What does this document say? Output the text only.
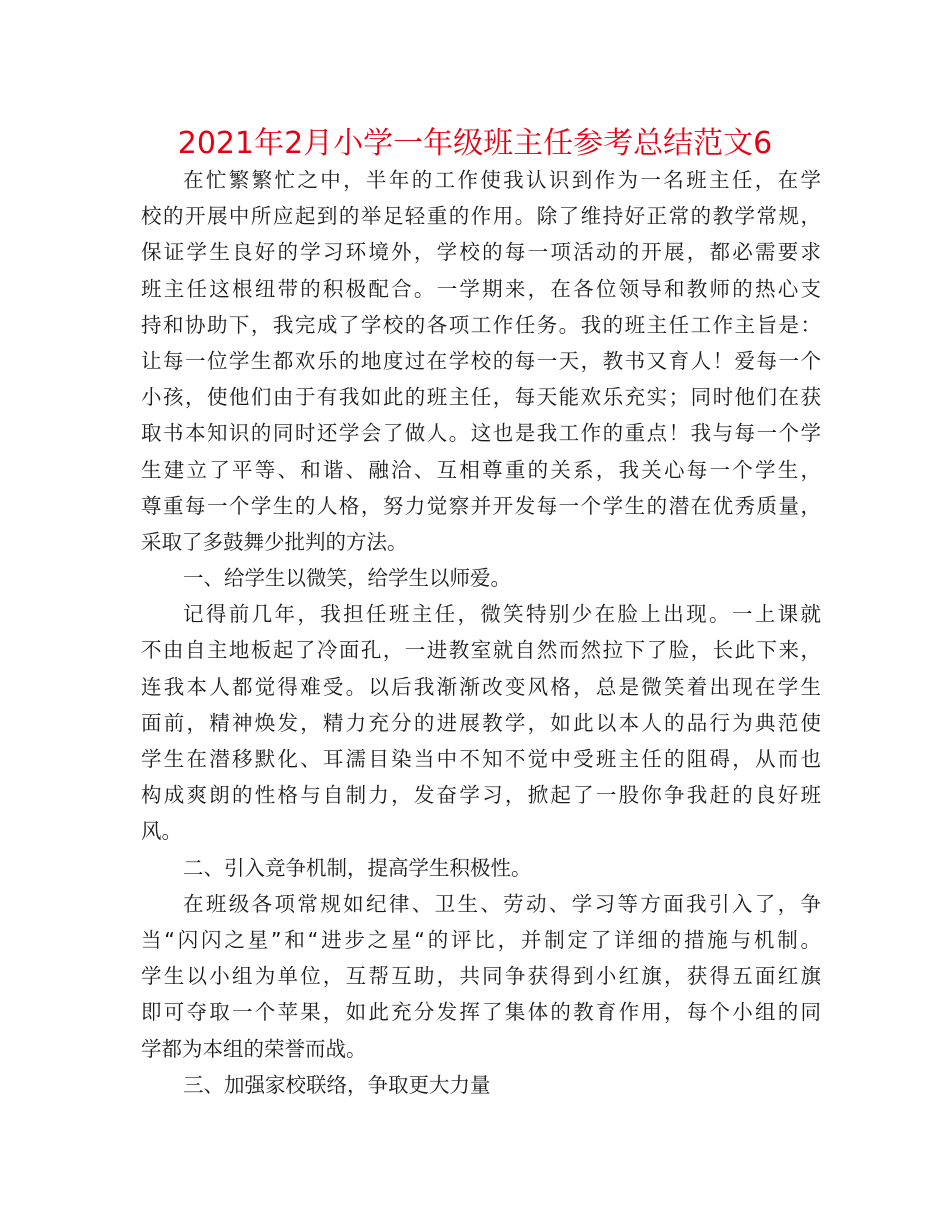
2021年2月小学一年级班主任参考总结范文6
在忙繁繁忙之中，半年的工作使我认识到作为一名班主任，在学
校的开展中所应起到的举足轻重的作用。除了维持好正常的教学常规，
保证学生良好的学习环境外，学校的每一项活动的开展，都必需要求
班主任这根纽带的积极配合。一学期来，在各位领导和教师的热心支
持和协助下，我完成了学校的各项工作任务。我的班主任工作主旨是：
让每一位学生都欢乐的地度过在学校的每一天，教书又育人！爱每一个
小孩，使他们由于有我如此的班主任，每天能欢乐充实；同时他们在获
取书本知识的同时还学会了做人。这也是我工作的重点！我与每一个学
生建立了平等、和谐、融洽、互相尊重的关系，我关心每一个学生，
尊重每一个学生的人格，努力觉察并开发每一个学生的潜在优秀质量，
采取了多鼓舞少批判的方法。
一、给学生以微笑，给学生以师爱。
记得前几年，我担任班主任，微笑特别少在脸上出现。一上课就
不由自主地板起了冷面孔，一进教室就自然而然拉下了脸，长此下来，
连我本人都觉得难受。以后我渐渐改变风格，总是微笑着出现在学生
面前，精神焕发，精力充分的进展教学，如此以本人的品行为典范使
学生在潜移默化、耳濡目染当中不知不觉中受班主任的阻碍，从而也
构成爽朗的性格与自制力，发奋学习，掀起了一股你争我赶的良好班
风。
二、引入竞争机制，提高学生积极性。
在班级各项常规如纪律、卫生、劳动、学习等方面我引入了，争
当“闪闪之星”和“进步之星“的评比，并制定了详细的措施与机制。
学生以小组为单位，互帮互助，共同争获得到小红旗，获得五面红旗
即可夺取一个苹果，如此充分发挥了集体的教育作用，每个小组的同
学都为本组的荣誉而战。
三、加强家校联络，争取更大力量
